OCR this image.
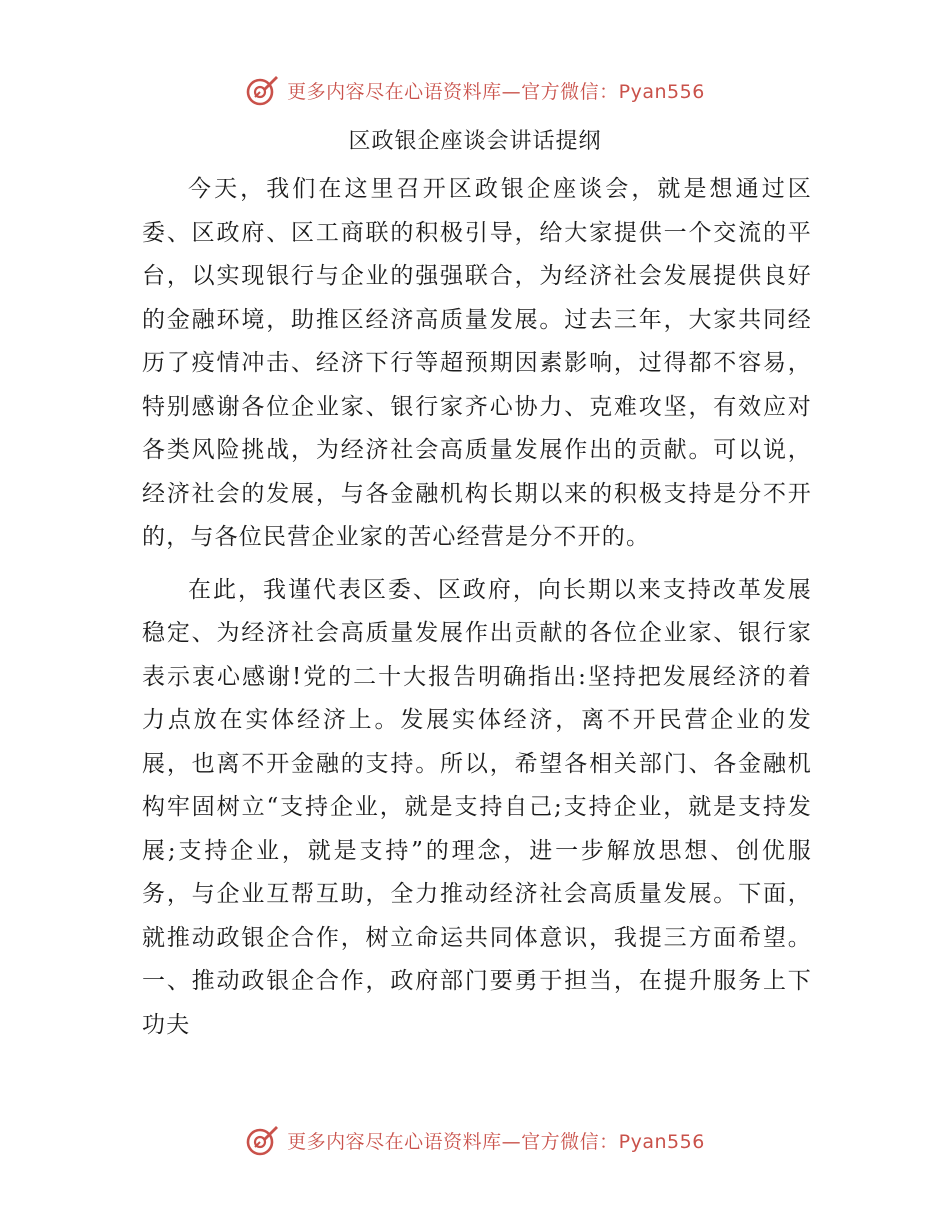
更多内容尽在心语资料库—官方微信：Pyan556
区政银企座谈会讲话提纲

今天，我们在这里召开区政银企座谈会，就是想通过区委、区政府、区工商联的积极引导，给大家提供一个交流的平台，以实现银行与企业的强强联合，为经济社会发展提供良好的金融环境，助推区经济高质量发展。过去三年，大家共同经历了疫情冲击、经济下行等超预期因素影响，过得都不容易，特别感谢各位企业家、银行家齐心协力、克难攻坚，有效应对各类风险挑战，为经济社会高质量发展作出的贡献。可以说，经济社会的发展，与各金融机构长期以来的积极支持是分不开的，与各位民营企业家的苦心经营是分不开的。

在此，我谨代表区委、区政府，向长期以来支持改革发展稳定、为经济社会高质量发展作出贡献的各位企业家、银行家表示衷心感谢!党的二十大报告明确指出:坚持把发展经济的着力点放在实体经济上。发展实体经济，离不开民营企业的发展，也离不开金融的支持。所以，希望各相关部门、各金融机构牢固树立“支持企业，就是支持自己;支持企业，就是支持发展;支持企业，就是支持”的理念，进一步解放思想、创优服务，与企业互帮互助，全力推动经济社会高质量发展。下面，就推动政银企合作，树立命运共同体意识，我提三方面希望。 一、推动政银企合作，政府部门要勇于担当，在提升服务上下功夫

更多内容尽在心语资料库—官方微信：Pyan556
